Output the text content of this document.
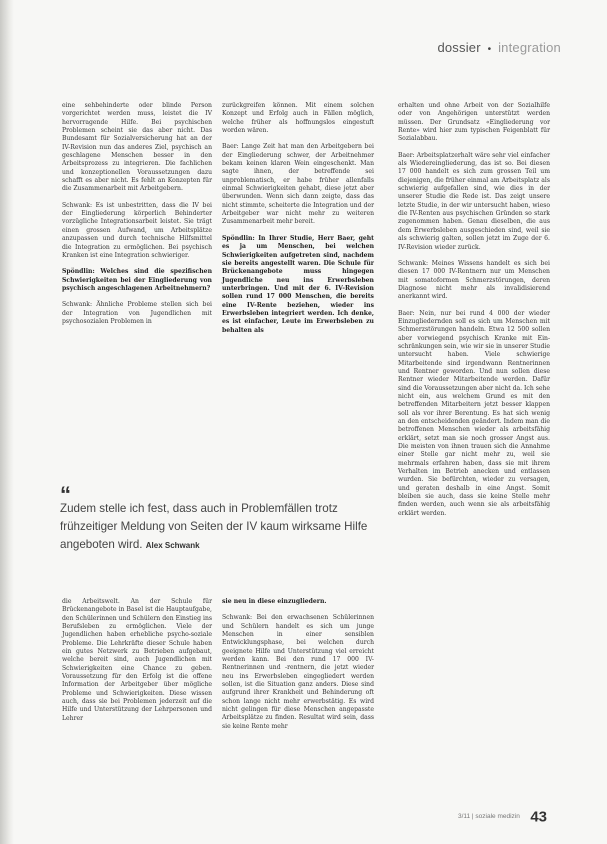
dossier • integration

eine sehbehinderte oder blinde Person vorgerichtet werden muss, leistet die IV hervorragende Hilfe. Bei psychischen Problemen scheint sie das aber nicht. Das Bundesamt für Sozialversicherung hat an der IV-Revision nun das anderes Ziel, psychisch an geschlagene Menschen besser in den Arbeitsprozess zu integrieren. Die fachlichen und konzeptionellen Voraussetzungen dazu schafft es aber nicht. Es fehlt an Konzepten für die Zusammenarbeit mit Arbeitgebern.

Schwank: Es ist unbestritten, dass die IV bei der Eingliederung körperlich Behinderter vorzügliche Integrationsarbeit leistet. Sie trägt einen grossen Aufwand, um Arbeitsplätze anzupassen und durch technische Hilfsmittel die Integration zu ermöglichen. Bei psychisch Kranken ist eine Integration schwieriger.

Spöndlin: Welches sind die spezifischen Schwierigkeiten bei der Eingliederung von psychisch angeschlagenen Arbeitnehmern?

Schwank: Ähnliche Probleme stellen sich bei der Integration von Jugendlichen mit psychosozialen Problemen in

zurückgreifen können. Mit einem solchen Konzept und Erfolg auch in Fällen möglich, welche früher als hoffnungslos eingestuft worden wären.

Baer: Lange Zeit hat man den Arbeitgebern bei der Eingliederung schwer, der Arbeitnehmer bekam keinen klaren Wein eingeschenkt. Man sagte ihnen, der betreffende sei unproblematisch, er habe früher allenfalls einmal Schwierigkeiten gehabt, diese jetzt aber überwunden. Wenn sich dann zeigte, dass das nicht stimmte, scheiterte die Integration und der Arbeitgeber war nicht mehr zu weiteren Zusammenarbeit mehr bereit.

Spöndlin: In Ihrer Studie, Herr Baer, geht es ja um Menschen, bei welchen Schwierigkeiten aufgetreten sind, nachdem sie bereits angestellt waren. Die Schule für Brückenangebote muss hingegen Jugendliche neu ins Erwerbsleben unterbringen. Und mit der 6. IV-Revision sollen rund 17 000 Menschen, die bereits eine IV-Rente beziehen, wieder ins Erwerbsleben integriert werden. Ich denke, es ist einfacher, Leute im Erwerbsleben zu behalten als

erhalten und ohne Arbeit von der Sozialhilfe oder von Angehörigen unterstützt werden müssen. Der Grundsatz «Eingliederung vor Rente» wird hier zum typischen Feigenblatt für Sozialabbau.

Baer: Arbeitsplatzerhalt wäre sehr viel einfacher als Wiedereingliederung, das ist so. Bei diesen 17 000 handelt es sich zum grossen Teil um diejenigen, die früher einmal am Arbeitsplatz als schwierig aufgefallen sind, wie dies in der unserer Studie die Rede ist. Das zeigt unsere letzte Studie, in der wir untersucht haben, wieso die IV-Renten aus psychischen Gründen so stark zugenommen haben. Genau dieselben, die aus dem Erwerbsleben ausgeschieden sind, weil sie als schwierig galten, sollen jetzt im Zuge der 6. IV-Revision wieder zurück.

Schwank: Meines Wissens handelt es sich bei diesen 17 000 IV-Rentnern nur um Menschen mit somatoformen Schmerzstörungen, deren Diagnose nicht mehr als invalidisierend anerkannt wird.

Baer: Nein, nur bei rund 4 000 der wieder Einzugliedernden soll es sich um Menschen mit Schmerzstörungen handeln. Etwa 12 500 sollen aber vorwiegend psychisch Kranke mit Ein- schränkungen sein, wie wir sie in unserer Studie untersucht haben. Viele schwierige Mitarbeitende sind irgendwann Rentnerinnen und Rentner geworden. Und nun sollen diese Rentner wieder Mitarbeitende werden. Dafür sind die Voraussetzungen aber nicht da. Ich sehe nicht ein, aus welchem Grund es mit den betreffenden Mitarbeitern jetzt besser klappen soll als vor ihrer Berentung. Es hat sich wenig an den entscheidenden geändert. Indem man die betroffenen Menschen wieder als arbeitsfähig erklärt, setzt man sie noch grosser Angst aus. Die meisten von ihnen trauen sich die Annahme einer Stelle gar nicht mehr zu, weil sie mehrmals erfahren haben, dass sie mit ihrem Verhalten im Betrieb anecken und entlassen wurden. Sie befürchten, wieder zu versagen, und geraten deshalb in eine Angst. Somit bleiben sie auch, dass sie keine Stelle mehr finden werden, auch wenn sie als arbeitsfähig erklärt werden.

“
Zudem stelle ich fest, dass auch in Problemfällen trotz frühzeitiger Meldung von Seiten der IV kaum wirksame Hilfe angeboten wird. Alex Schwank

die Arbeitswelt. An der Schule für Brückenangebote in Basel ist die Hauptaufgabe, den Schülerinnen und Schülern den Einstieg ins Berufsleben zu ermöglichen. Viele der Jugendlichen haben erhebliche psycho-soziale Probleme. Die Lehrkräfte dieser Schule haben ein gutes Netzwerk zu Betrieben aufgebaut, welche bereit sind, auch Jugendlichen mit Schwierigkeiten eine Chance zu geben. Voraussetzung für den Erfolg ist die offene Information der Arbeitgeber über mögliche Probleme und Schwierigkeiten. Diese wissen auch, dass sie bei Problemen jederzeit auf die Hilfe und Unterstützung der Lehrpersonen und Lehrer

sie neu in diese einzugliedern.

Schwank: Bei den erwachsenen Schülerinnen und Schülern handelt es sich um junge Menschen in einer sensiblen Entwicklungsphase, bei welchen durch geeignete Hilfe und Unterstützung viel erreicht werden kann. Bei den rund 17 000 IV-Rentnerinnen und -rentnern, die jetzt wieder neu ins Erwerbsleben eingegliedert werden sollen, ist die Situation ganz anders. Diese sind aufgrund ihrer Krankheit und Behinderung oft schon lange nicht mehr erwerbstätig. Es wird nicht gelingen für diese Menschen angepasste Arbeitsplätze zu finden. Resultat wird sein, dass sie keine Rente mehr

3/11 | soziale medizin 43
